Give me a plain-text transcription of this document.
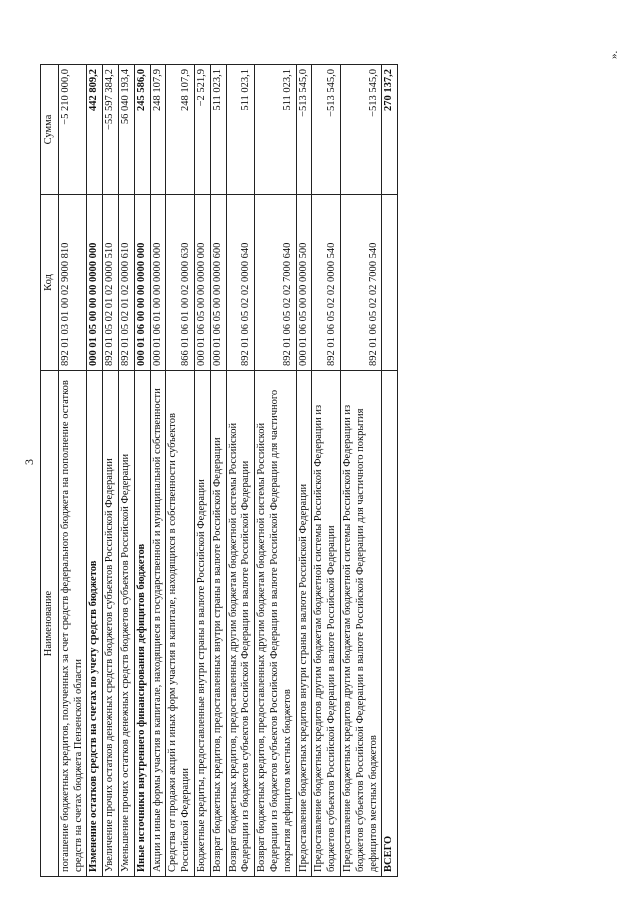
3
Наименование	Код	Сумма
погашение бюджетных кредитов, полученных за счет средств федерального бюджета на пополнение остатков средств на счетах бюджета Пензенской области	892 01 03 01 00 02 9000 810	−5 210 000,0
Изменение остатков средств на счетах по учету средств бюджетов	000 01 05 00 00 00 0000 000	442 809,2
Увеличение прочих остатков денежных средств бюджетов субъектов Российской Федерации	892 01 05 02 01 02 0000 510	−55 597 384,2
Уменьшение прочих остатков денежных средств бюджетов субъектов Российской Федерации	892 01 05 02 01 02 0000 610	56 040 193,4
Иные источники внутреннего финансирования дефицитов бюджетов	000 01 06 00 00 00 0000 000	245 586,0
Акции и иные формы участия в капитале, находящиеся в государственной и муниципальной собственности	000 01 06 01 00 00 0000 000	248 107,9
Средства от продажи акций и иных форм участия в капитале, находящихся в собственности субъектов Российской Федерации	866 01 06 01 00 02 0000 630	248 107,9
Бюджетные кредиты, предоставленные внутри страны в валюте Российской Федерации	000 01 06 05 00 00 0000 000	−2 521,9
Возврат бюджетных кредитов, предоставленных внутри страны в валюте Российской Федерации	000 01 06 05 00 00 0000 600	511 023,1
Возврат бюджетных кредитов, предоставленных другим бюджетам бюджетной системы Российской Федерации из бюджетов субъектов Российской Федерации в валюте Российской Федерации	892 01 06 05 02 02 0000 640	511 023,1
Возврат бюджетных кредитов, предоставленных другим бюджетам бюджетной системы Российской Федерации из бюджетов субъектов Российской Федерации в валюте Российской Федерации для частичного покрытия дефицитов местных бюджетов	892 01 06 05 02 02 7000 640	511 023,1
Предоставление бюджетных кредитов внутри страны в валюте Российской Федерации	000 01 06 05 00 00 0000 500	−513 545,0
Предоставление бюджетных кредитов другим бюджетам бюджетной системы Российской Федерации из бюджетов субъектов Российской Федерации в валюте Российской Федерации	892 01 06 05 02 02 0000 540	−513 545,0
Предоставление бюджетных кредитов другим бюджетам бюджетной системы Российской Федерации из бюджетов субъектов Российской Федерации в валюте Российской Федерации для частичного покрытия дефицитов местных бюджетов	892 01 06 05 02 02 7000 540	−513 545,0
ВСЕГО		270 137,2
».
